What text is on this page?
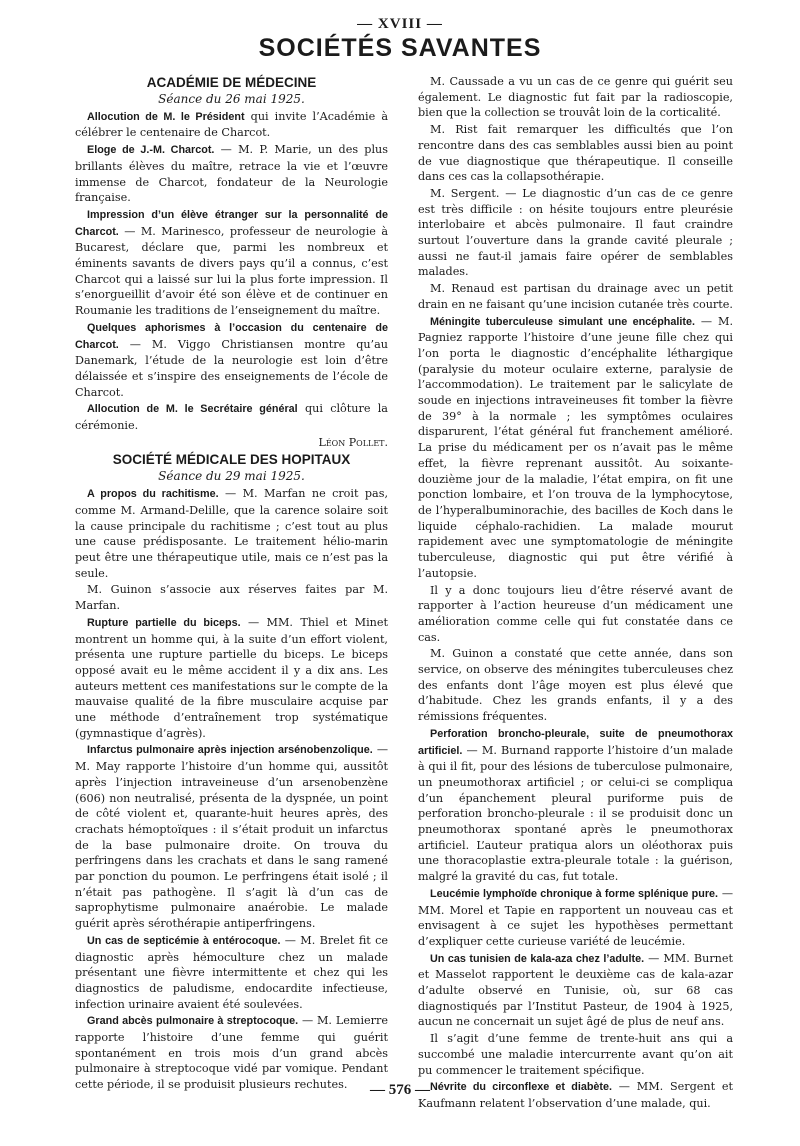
— XVIII —
SOCIÉTÉS SAVANTES

ACADÉMIE DE MÉDECINE

Séance du 26 mai 1925.

Allocution de M. le Président qui invite l’Académie à célébrer le centenaire de Charcot.

Eloge de J.-M. Charcot. — M. P. Marie, un des plus brillants élèves du maître, retrace la vie et l’œuvre immense de Charcot, fondateur de la Neurologie française.

Impression d’un élève étranger sur la personnalité de Charcot. — M. Marinesco, professeur de neurologie à Bucarest, déclare que, parmi les nombreux et éminents savants de divers pays qu’il a connus, c’est Charcot qui a laissé sur lui la plus forte impression. Il s’enorgueillit d’avoir été son élève et de continuer en Roumanie les traditions de l’enseignement du maître.

Quelques aphorismes à l’occasion du centenaire de Charcot. — M. Viggo Christiansen montre qu’au Danemark, l’étude de la neurologie est loin d’être délaissée et s’inspire des enseignements de l’école de Charcot.

Allocution de M. le Secrétaire général qui clôture la cérémonie.

Léon Pollet.

SOCIÉTÉ MÉDICALE DES HOPITAUX

Séance du 29 mai 1925.

A propos du rachitisme. — M. Marfan ne croit pas, comme M. Armand-Delille, que la carence solaire soit la cause principale du rachitisme ; c’est tout au plus une cause prédisposante. Le traitement hélio-marin peut être une thérapeutique utile, mais ce n’est pas la seule.

M. Guinon s’associe aux réserves faites par M. Marfan.

Rupture partielle du biceps. — MM. Thiel et Minet montrent un homme qui, à la suite d’un effort violent, présenta une rupture partielle du biceps. Le biceps opposé avait eu le même accident il y a dix ans. Les auteurs mettent ces manifestations sur le compte de la mauvaise qualité de la fibre musculaire acquise par une méthode d’entraînement trop systématique (gymnastique d’agrès).

Infarctus pulmonaire après injection arsénobenzolique. — M. May rapporte l’histoire d’un homme qui, aussitôt après l’injection intraveineuse d’un arsenobenzène (606) non neutralisé, présenta de la dyspnée, un point de côté violent et, quarante-huit heures après, des crachats hémoptoïques : il s’était produit un infarctus de la base pulmonaire droite. On trouva du perfringens dans les crachats et dans le sang ramené par ponction du poumon. Le perfringens était isolé ; il n’était pas pathogène. Il s’agit là d’un cas de saprophytisme pulmonaire anaérobie. Le malade guérit après sérothérapie antiperfringens.

Un cas de septicémie à entérocoque. — M. Brelet fit ce diagnostic après hémoculture chez un malade présentant une fièvre intermittente et chez qui les diagnostics de paludisme, endocardite infectieuse, infection urinaire avaient été soulevées.

Grand abcès pulmonaire à streptocoque. — M. Lemierre rapporte l’histoire d’une femme qui guérit spontanément en trois mois d’un grand abcès pulmonaire à streptocoque vidé par vomique. Pendant cette période, il se produisit plusieurs rechutes.

M. Caussade a vu un cas de ce genre qui guérit seu également. Le diagnostic fut fait par la radioscopie, bien que la collection se trouvât loin de la corticalité.

M. Rist fait remarquer les difficultés que l’on rencontre dans des cas semblables aussi bien au point de vue diagnostique que thérapeutique. Il conseille dans ces cas la collapsothérapie.

M. Sergent. — Le diagnostic d’un cas de ce genre est très difficile : on hésite toujours entre pleurésie interlobaire et abcès pulmonaire. Il faut craindre surtout l’ouverture dans la grande cavité pleurale ; aussi ne faut-il jamais faire opérer de semblables malades.

M. Renaud est partisan du drainage avec un petit drain en ne faisant qu’une incision cutanée très courte.

Méningite tuberculeuse simulant une encéphalite. — M. Pagniez rapporte l’histoire d’une jeune fille chez qui l’on porta le diagnostic d’encéphalite léthargique (paralysie du moteur oculaire externe, paralysie de l’accommodation). Le traitement par le salicylate de soude en injections intraveineuses fit tomber la fièvre de 39° à la normale ; les symptômes oculaires disparurent, l’état général fut franchement amélioré. La prise du médicament per os n’avait pas le même effet, la fièvre reprenant aussitôt. Au soixante-douzième jour de la maladie, l’état empira, on fit une ponction lombaire, et l’on trouva de la lymphocytose, de l’hyperalbuminorachie, des bacilles de Koch dans le liquide céphalo-rachidien. La malade mourut rapidement avec une symptomatologie de méningite tuberculeuse, diagnostic qui put être vérifié à l’autopsie.

Il y a donc toujours lieu d’être réservé avant de rapporter à l’action heureuse d’un médicament une amélioration comme celle qui fut constatée dans ce cas.

M. Guinon a constaté que cette année, dans son service, on observe des méningites tuberculeuses chez des enfants dont l’âge moyen est plus élevé que d’habitude. Chez les grands enfants, il y a des rémissions fréquentes.

Perforation broncho-pleurale, suite de pneumothorax artificiel. — M. Burnand rapporte l’histoire d’un malade à qui il fit, pour des lésions de tuberculose pulmonaire, un pneumothorax artificiel ; or celui-ci se compliqua d’un épanchement pleural puriforme puis de perforation broncho-pleurale : il se produisit donc un pneumothorax spontané après le pneumothorax artificiel. L’auteur pratiqua alors un oléothorax puis une thoracoplastie extra-pleurale totale : la guérison, malgré la gravité du cas, fut totale.

Leucémie lymphoïde chronique à forme splénique pure. — MM. Morel et Tapie en rapportent un nouveau cas et envisagent à ce sujet les hypothèses permettant d’expliquer cette curieuse variété de leucémie.

Un cas tunisien de kala-aza chez l’adulte. — MM. Burnet et Masselot rapportent le deuxième cas de kala-azar d’adulte observé en Tunisie, où, sur 68 cas diagnostiqués par l’Institut Pasteur, de 1904 à 1925, aucun ne concernait un sujet âgé de plus de neuf ans.

Il s’agit d’une femme de trente-huit ans qui a succombé une maladie intercurrente avant qu’on ait pu commencer le traitement spécifique.

Névrite du circonflexe et diabète. — MM. Sergent et Kaufmann relatent l’observation d’une malade, qui.

— 576 —
